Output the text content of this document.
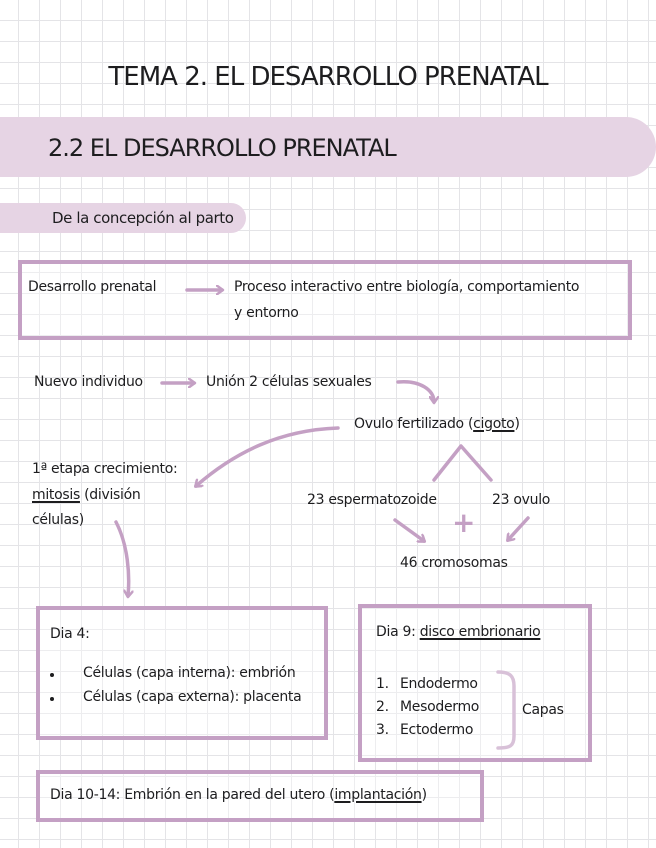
TEMA 2. EL DESARROLLO PRENATAL
2.2 EL DESARROLLO PRENATAL
De la concepción al parto
Desarrollo prenatal	Proceso interactivo entre biología, comportamiento
y entorno
Nuevo individuo	Unión 2 células sexuales
Ovulo fertilizado (cigoto)
1ª etapa crecimiento:
mitosis (división
células)
23 espermatozoide	23 ovulo
+
46 cromosomas
Dia 4:
Células (capa interna): embrión
Células (capa externa): placenta
Dia 9: disco embrionario
1. Endodermo
2. Mesodermo
3. Ectodermo
Capas
Dia 10-14: Embrión en la pared del utero (implantación)
